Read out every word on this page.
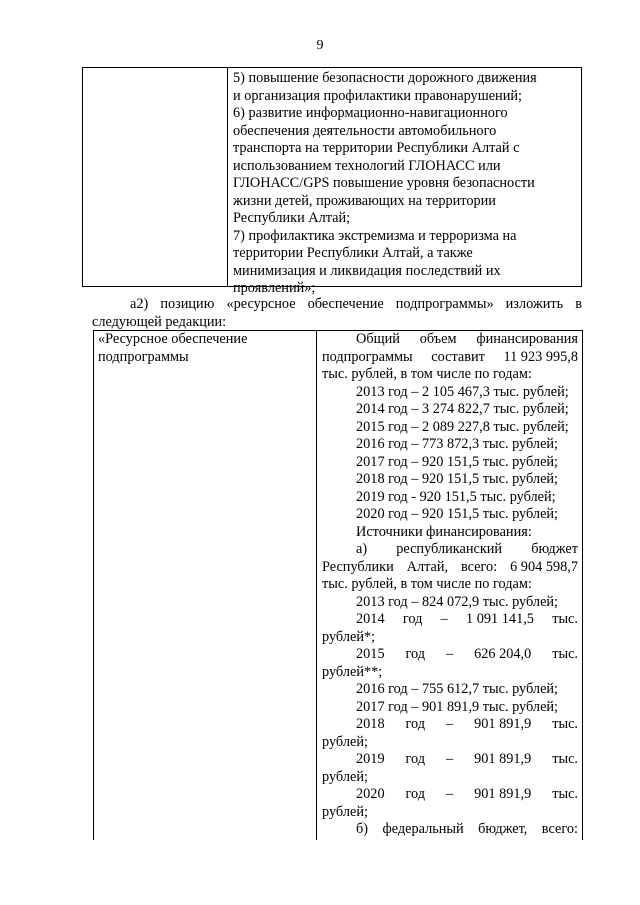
9
5) повышение безопасности дорожного движения
и организация профилактики правонарушений;
6) развитие информационно-навигационного
обеспечения деятельности автомобильного
транспорта на территории Республики Алтай с
использованием технологий ГЛОНАСС или
ГЛОНАСС/GPS повышение уровня безопасности
жизни детей, проживающих на территории
Республики Алтай;
7) профилактика экстремизма и терроризма на
территории Республики Алтай, а также
минимизация и ликвидация последствий их
проявлений»;
а2) позицию «ресурсное обеспечение подпрограммы» изложить в
следующей редакции:
«Ресурсное обеспечение
подпрограммы
Общий объем финансирования
подпрограммы составит 11 923 995,8
тыс. рублей, в том числе по годам:
2013 год – 2 105 467,3 тыс. рублей;
2014 год – 3 274 822,7 тыс. рублей;
2015 год – 2 089 227,8 тыс. рублей;
2016 год – 773 872,3 тыс. рублей;
2017 год – 920 151,5 тыс. рублей;
2018 год – 920 151,5 тыс. рублей;
2019 год - 920 151,5 тыс. рублей;
2020 год – 920 151,5 тыс. рублей;
Источники финансирования:
а) республиканский бюджет
Республики Алтай, всего: 6 904 598,7
тыс. рублей, в том числе по годам:
2013 год – 824 072,9 тыс. рублей;
2014 год – 1 091 141,5 тыс.
рублей*;
2015 год – 626 204,0 тыс.
рублей**;
2016 год – 755 612,7 тыс. рублей;
2017 год – 901 891,9 тыс. рублей;
2018 год – 901 891,9 тыс.
рублей;
2019 год – 901 891,9 тыс.
рублей;
2020 год – 901 891,9 тыс.
рублей;
б) федеральный бюджет, всего:
